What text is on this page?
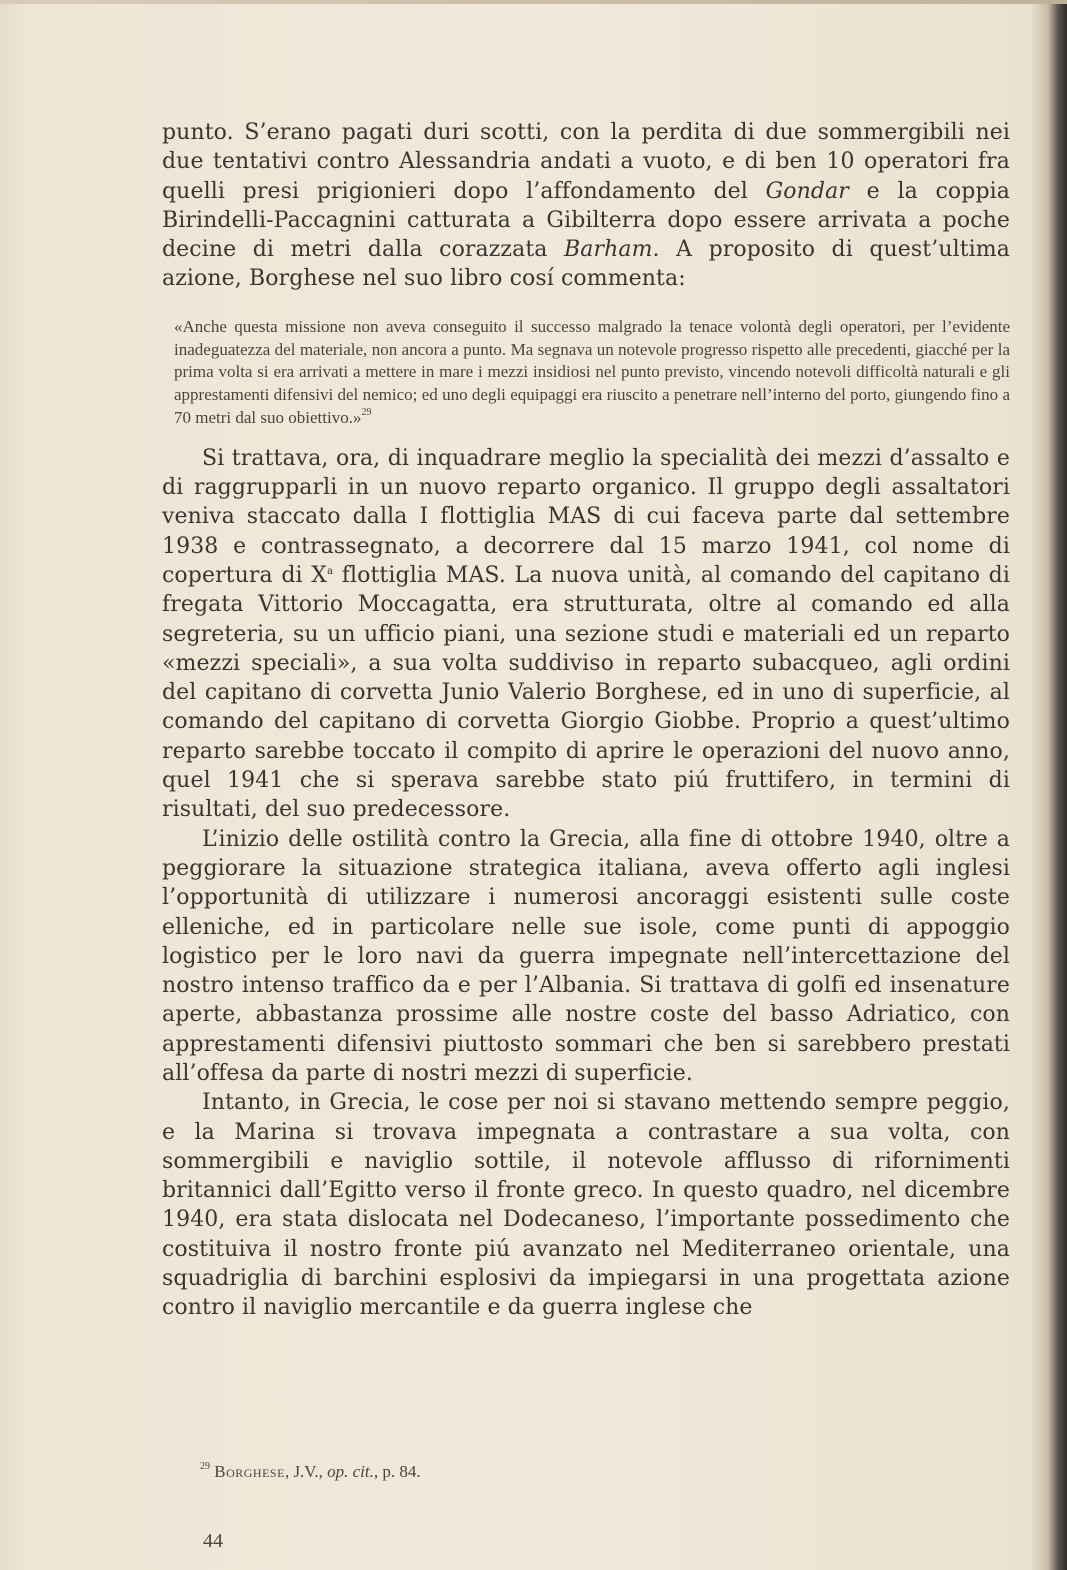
punto. S’erano pagati duri scotti, con la perdita di due sommergibili nei due tentativi contro Alessandria andati a vuoto, e di ben 10 operatori fra quelli presi prigionieri dopo l’affondamento del Gondar e la coppia Birindelli-Paccagnini catturata a Gibilterra dopo essere arrivata a poche decine di metri dalla corazzata Barham. A proposito di quest’ultima azione, Borghese nel suo libro cosí commenta:

«Anche questa missione non aveva conseguito il successo malgrado la tenace volontà degli operatori, per l’evidente inadeguatezza del materiale, non ancora a punto. Ma segnava un notevole progresso rispetto alle precedenti, giacché per la prima volta si era arrivati a mettere in mare i mezzi insidiosi nel punto previsto, vincendo notevoli difficoltà naturali e gli apprestamenti difensivi del nemico; ed uno degli equipaggi era riuscito a penetrare nell’interno del porto, giungendo fino a 70 metri dal suo obiettivo.»$^{29}$

Si trattava, ora, di inquadrare meglio la specialità dei mezzi d’assalto e di raggrupparli in un nuovo reparto organico. Il gruppo degli assaltatori veniva staccato dalla I flottiglia MAS di cui faceva parte dal settembre 1938 e contrassegnato, a decorrere dal 15 marzo 1941, col nome di copertura di $X^a$ flottiglia MAS. La nuova unità, al comando del capitano di fregata Vittorio Moccagatta, era strutturata, oltre al comando ed alla segreteria, su un ufficio piani, una sezione studi e materiali ed un reparto «mezzi speciali», a sua volta suddiviso in reparto subacqueo, agli ordini del capitano di corvetta Junio Valerio Borghese, ed in uno di superficie, al comando del capitano di corvetta Giorgio Giobbe. Proprio a quest’ultimo reparto sarebbe toccato il compito di aprire le operazioni del nuovo anno, quel 1941 che si sperava sarebbe stato piú fruttifero, in termini di risultati, del suo predecessore.

L’inizio delle ostilità contro la Grecia, alla fine di ottobre 1940, oltre a peggiorare la situazione strategica italiana, aveva offerto agli inglesi l’opportunità di utilizzare i numerosi ancoraggi esistenti sulle coste elleniche, ed in particolare nelle sue isole, come punti di appoggio logistico per le loro navi da guerra impegnate nell’intercettazione del nostro intenso traffico da e per l’Albania. Si trattava di golfi ed insenature aperte, abbastanza prossime alle nostre coste del basso Adriatico, con apprestamenti difensivi piuttosto sommari che ben si sarebbero prestati all’offesa da parte di nostri mezzi di superficie.

Intanto, in Grecia, le cose per noi si stavano mettendo sempre peggio, e la Marina si trovava impegnata a contrastare a sua volta, con sommergibili e naviglio sottile, il notevole afflusso di rifornimenti britannici dall’Egitto verso il fronte greco. In questo quadro, nel dicembre 1940, era stata dislocata nel Dodecaneso, l’importante possedimento che costituiva il nostro fronte piú avanzato nel Mediterraneo orientale, una squadriglia di barchini esplosivi da impiegarsi in una progettata azione contro il naviglio mercantile e da guerra inglese che

$^{29}$ Borghese, J.V., op. cit., p. 84.
44
